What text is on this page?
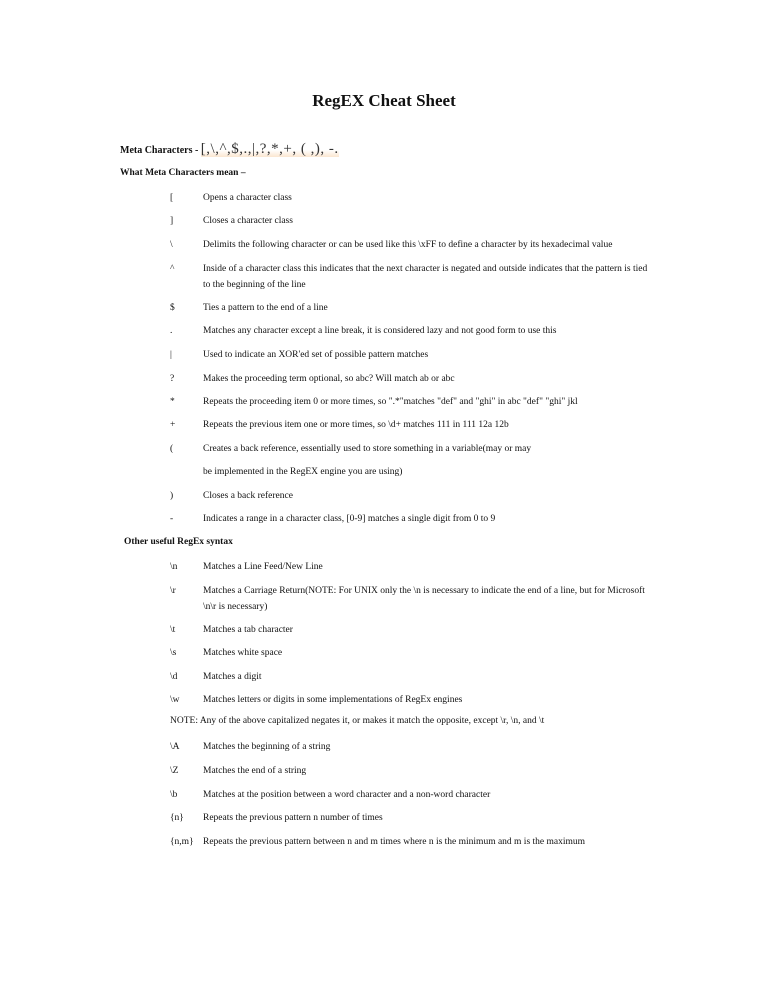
RegEX Cheat Sheet
Meta Characters - [,\,^,$,.,|,?,*,+, ( ,), -.
What Meta Characters mean –
[	Opens a character class
]	Closes a character class
\	Delimits the following character or can be used like this \xFF to define a character by its hexadecimal value
^	Inside of a character class this indicates that the next character is negated and outside indicates that the pattern is tied to the beginning of the line
$	Ties a pattern to the end of a line
.	Matches any character except a line break, it is considered lazy and not good form to use this
|	Used to indicate an XOR'ed set of possible pattern matches
?	Makes the proceeding term optional, so abc? Will match ab or abc
*	Repeats the proceeding item 0 or more times, so ".*"matches "def" and "ghi" in abc "def" "ghi" jkl
+	Repeats the previous item one or more times, so \d+ matches 111 in 111 12a 12b
(	Creates a back reference, essentially used to store something in a variable(may or may
be implemented in the RegEX engine you are using)
)	Closes a back reference
-	Indicates a range in a character class, [0-9] matches a single digit from 0 to 9
Other useful RegEx syntax
\n	Matches a Line Feed/New Line
\r	Matches a Carriage Return(NOTE: For UNIX only the \n is necessary to indicate the end of a line, but for Microsoft \n\r is necessary)
\t	Matches a tab character
\s	Matches white space
\d	Matches a digit
\w Matches letters or digits in some implementations of RegEx engines
NOTE: Any of the above capitalized negates it, or makes it match the opposite, except \r, \n, and \t
\A Matches the beginning of a string
\Z	Matches the end of a string
\b	Matches at the position between a word character and a non-word character
{n} Repeats the previous pattern n number of times
{n,m} Repeats the previous pattern between n and m times where n is the minimum and m is the maximum
